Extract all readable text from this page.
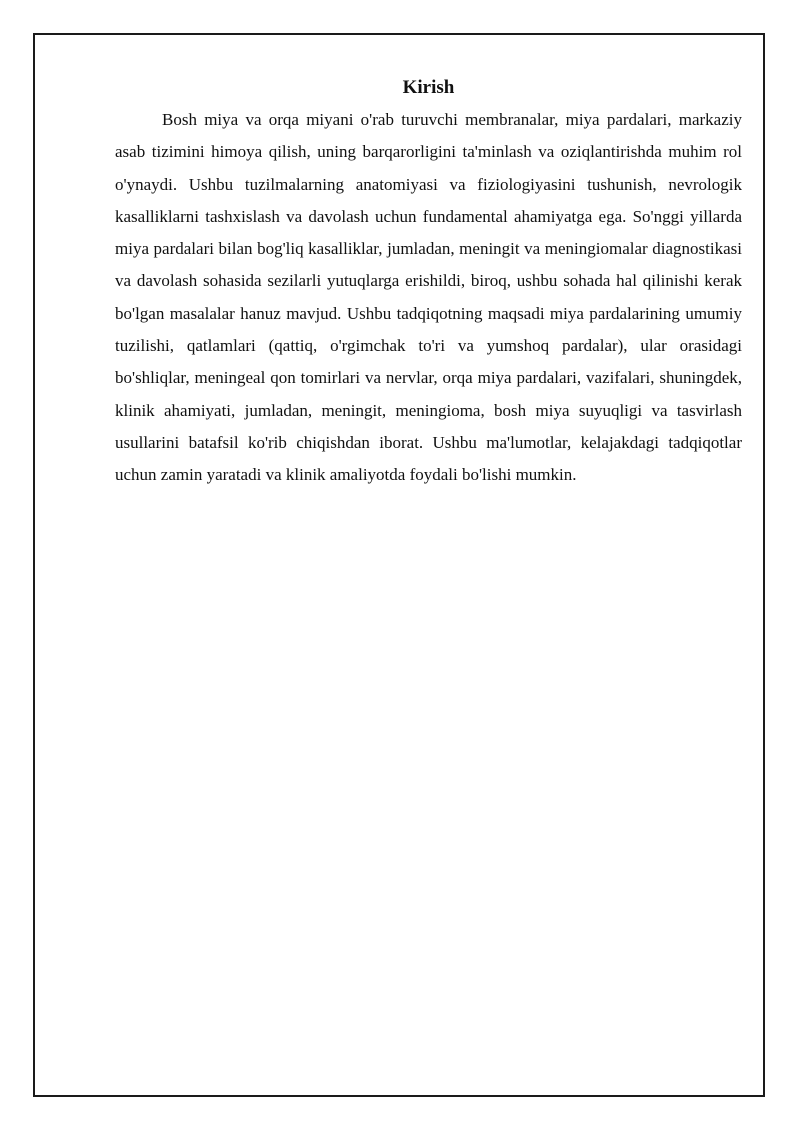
Kirish

Bosh miya va orqa miyani o'rab turuvchi membranalar, miya pardalari, markaziy asab tizimini himoya qilish, uning barqarorligini ta'minlash va oziqlantirishda muhim rol o'ynaydi. Ushbu tuzilmalarning anatomiyasi va fiziologiyasini tushunish, nevrologik kasalliklarni tashxislash va davolash uchun fundamental ahamiyatga ega. So'nggi yillarda miya pardalari bilan bog'liq kasalliklar, jumladan, meningit va meningiomalar diagnostikasi va davolash sohasida sezilarli yutuqlarga erishildi, biroq, ushbu sohada hal qilinishi kerak bo'lgan masalalar hanuz mavjud. Ushbu tadqiqotning maqsadi miya pardalarining umumiy tuzilishi, qatlamlari (qattiq, o'rgimchak to'ri va yumshoq pardalar), ular orasidagi bo'shliqlar, meningeal qon tomirlari va nervlar, orqa miya pardalari, vazifalari, shuningdek, klinik ahamiyati, jumladan, meningit, meningioma, bosh miya suyuqligi va tasvirlash usullarini batafsil ko'rib chiqishdan iborat. Ushbu ma'lumotlar, kelajakdagi tadqiqotlar uchun zamin yaratadi va klinik amaliyotda foydali bo'lishi mumkin.
